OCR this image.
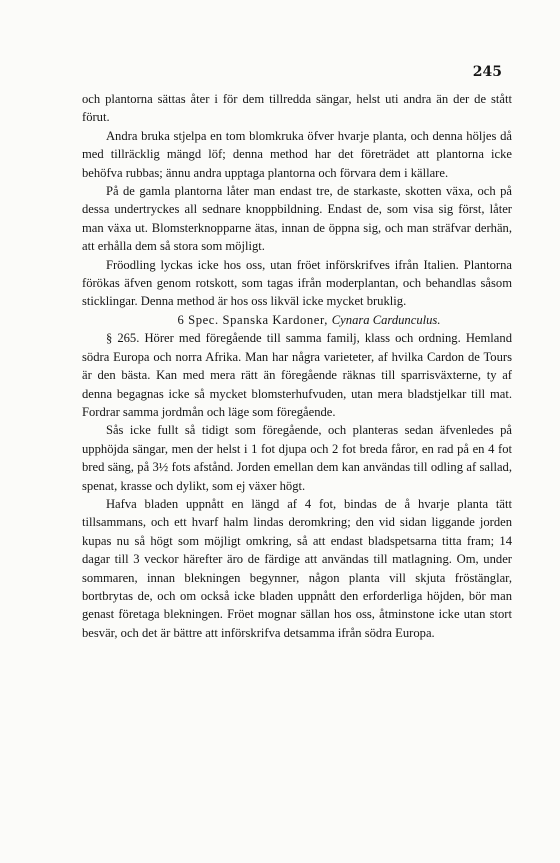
245

och plantorna sättas åter i för dem tillredda sängar, helst uti andra än der de stått förut.

Andra bruka stjelpa en tom blomkruka öfver hvarje planta, och denna höljes då med tillräcklig mängd löf; denna method har det företrädet att plantorna icke behöfva rubbas; ännu andra upptaga plantorna och förvara dem i källare.

På de gamla plantorna låter man endast tre, de starkaste, skotten växa, och på dessa undertryckes all sednare knoppbildning. Endast de, som visa sig först, låter man växa ut. Blomsterknopparne ätas, innan de öppna sig, och man sträfvar derhän, att erhålla dem så stora som möjligt.

Fröodling lyckas icke hos oss, utan fröet införskrifves ifrån Italien. Plantorna förökas äfven genom rotskott, som tagas ifrån moderplantan, och behandlas såsom sticklingar. Denna method är hos oss likväl icke mycket bruklig.

6 Spec. Spanska Kardoner, Cynara Cardunculus.

§ 265. Hörer med föregående till samma familj, klass och ordning. Hemland södra Europa och norra Afrika. Man har några varieteter, af hvilka Cardon de Tours är den bästa. Kan med mera rätt än föregående räknas till sparrisväxterne, ty af denna begagnas icke så mycket blomsterhufvuden, utan mera bladstjelkar till mat. Fordrar samma jordmån och läge som föregående.

Sås icke fullt så tidigt som föregående, och planteras sedan äfvenledes på upphöjda sängar, men der helst i 1 fot djupa och 2 fot breda fåror, en rad på en 4 fot bred säng, på 3½ fots afstånd. Jorden emellan dem kan användas till odling af sallad, spenat, krasse och dylikt, som ej växer högt.

Hafva bladen uppnått en längd af 4 fot, bindas de å hvarje planta tätt tillsammans, och ett hvarf halm lindas deromkring; den vid sidan liggande jorden kupas nu så högt som möjligt omkring, så att endast bladspetsarna titta fram; 14 dagar till 3 veckor härefter äro de färdige att användas till matlagning. Om, under sommaren, innan blekningen begynner, någon planta vill skjuta fröstänglar, bortbrytas de, och om också icke bladen uppnått den erforderliga höjden, bör man genast företaga blekningen. Fröet mognar sällan hos oss, åtminstone icke utan stort besvär, och det är bättre att införskrifva detsamma ifrån södra Europa.
